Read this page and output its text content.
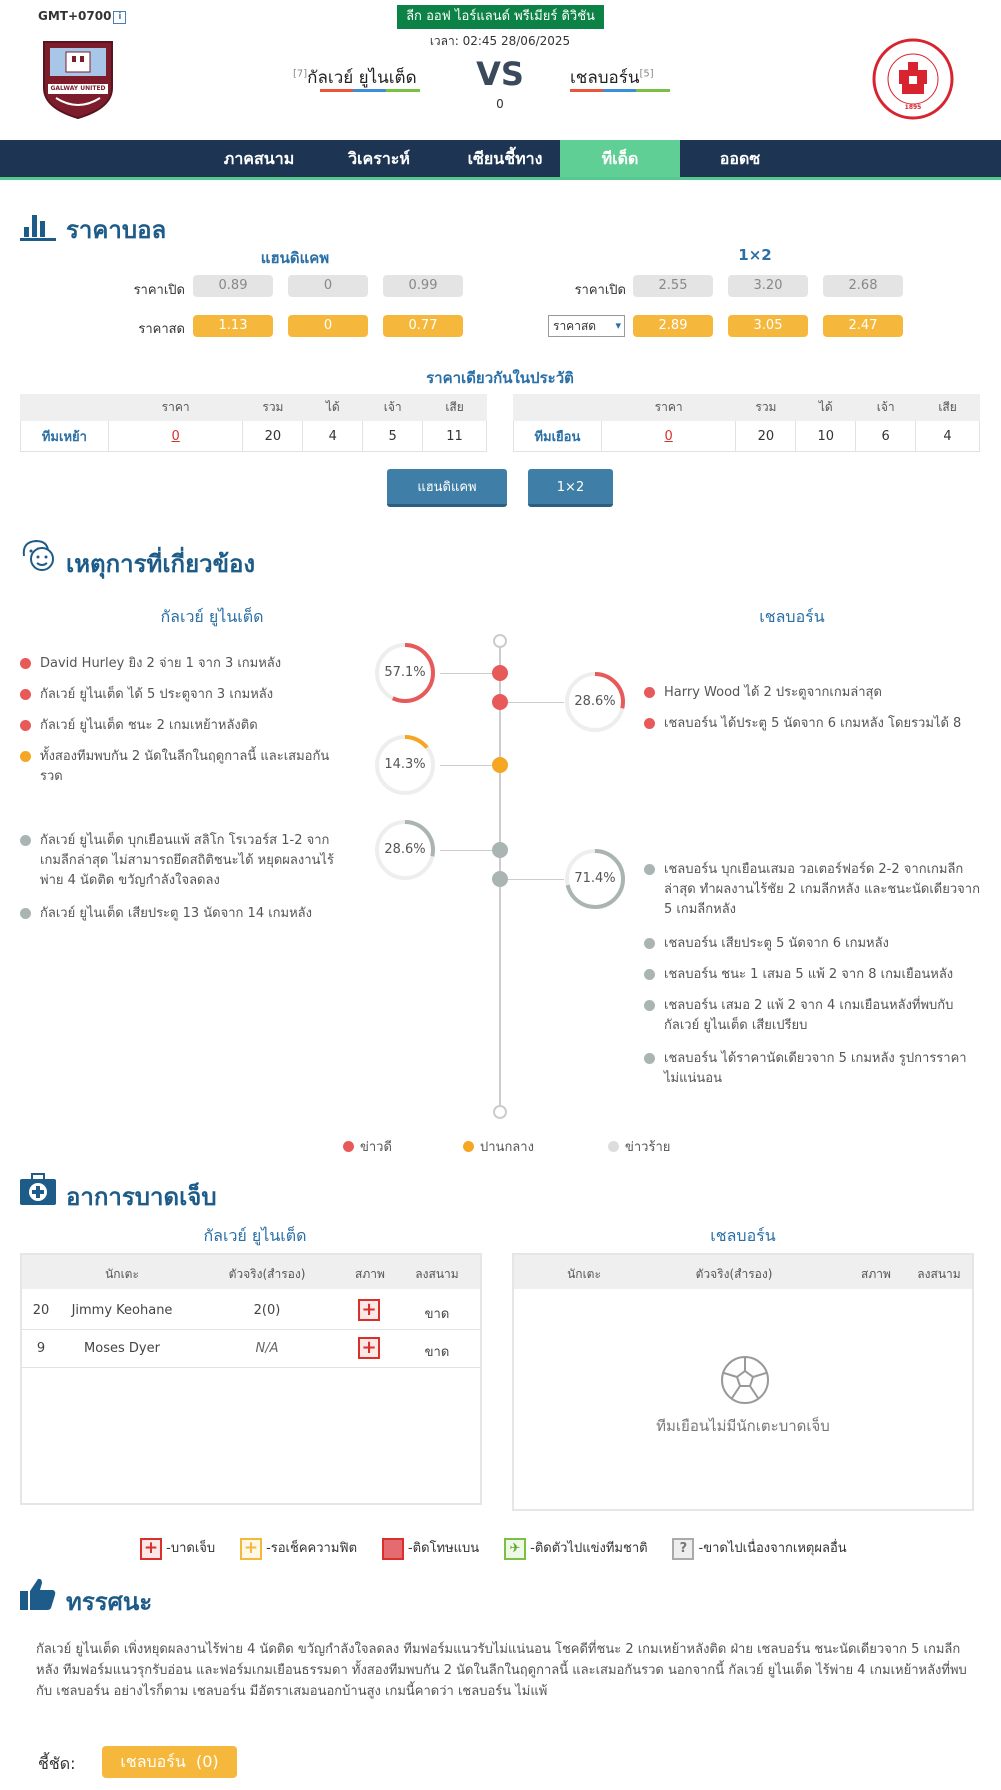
GMT+0700 i	ลีก ออฟ ไอร์แลนด์ พรีเมียร์ ดิวิชัน
เวลา: 02:45 28/06/2025
GALWAY UNITED
[7]กัลเวย์ ยูไนเต็ด VS
0
เชลบอร์น[5]
1895
ภาคสนาม	วิเคราะห์	เซียนชี้ทาง	ทีเด็ด	ออดซ
ราคาบอล
แฮนดิแคพ	1×2
ราคาเปิด	0.89	0	0.99
ราคาสด	1.13	0	0.77
ราคาเปิด	2.55	3.20	2.68
ราคาสด ▾	2.89	3.05	2.47
ราคาเดียวกันในประวัติ
	ราคา	รวม	ได้	เจ้า	เสีย
ทีมเหย้า	0	20	4	5	11
	ราคา	รวม	ได้	เจ้า	เสีย
ทีมเยือน	0	20	10	6	4
แฮนดิแคพ	1×2
เหตุการที่เกี่ยวข้อง
กัลเวย์ ยูไนเต็ด	เชลบอร์น
57.1%
28.6%
14.3%
28.6%
71.4%
David Hurley ยิง 2 จ่าย 1 จาก 3 เกมหลัง
กัลเวย์ ยูไนเต็ด ได้ 5 ประตูจาก 3 เกมหลัง
กัลเวย์ ยูไนเต็ด ชนะ 2 เกมเหย้าหลังติด
ทั้งสองทีมพบกัน 2 นัดในลีกในฤดูกาลนี้ และเสมอกันรวด
กัลเวย์ ยูไนเต็ด บุกเยือนแพ้ สลิโก โรเวอร์ส 1-2 จากเกมลีกล่าสุด ไม่สามารถยึดสถิติชนะได้ หยุดผลงานไร้พ่าย 4 นัดติด ขวัญกำลังใจลดลง
กัลเวย์ ยูไนเต็ด เสียประตู 13 นัดจาก 14 เกมหลัง
Harry Wood ได้ 2 ประตูจากเกมล่าสุด
เชลบอร์น ได้ประตู 5 นัดจาก 6 เกมหลัง โดยรวมได้ 8
เชลบอร์น บุกเยือนเสมอ วอเตอร์ฟอร์ด 2-2 จากเกมลีกล่าสุด ทำผลงานไร้ชัย 2 เกมลีกหลัง และชนะนัดเดียวจาก 5 เกมลีกหลัง
เชลบอร์น เสียประตู 5 นัดจาก 6 เกมหลัง
เชลบอร์น ชนะ 1 เสมอ 5 แพ้ 2 จาก 8 เกมเยือนหลัง
เชลบอร์น เสมอ 2 แพ้ 2 จาก 4 เกมเยือนหลังที่พบกับ กัลเวย์ ยูไนเต็ด เสียเปรียบ
เชลบอร์น ได้ราคานัดเดียวจาก 5 เกมหลัง รูปการราคาไม่แน่นอน
ข่าวดี	ปานกลาง	ข่าวร้าย
อาการบาดเจ็บ
กัลเวย์ ยูไนเต็ด	เชลบอร์น
นักเตะ	ตัวจริง(สำรอง)	สภาพ	ลงสนาม
20	Jimmy Keohane	2(0)	+	ขาด
9	Moses Dyer	N/A	+	ขาด
นักเตะ	ตัวจริง(สำรอง)	สภาพ	ลงสนาม
ทีมเยือนไม่มีนักเตะบาดเจ็บ
+ -บาดเจ็บ + -รอเช็คความฟิต	-ติดโทษแบน ✈ -ติดตัวไปแข่งทีมชาติ ? -ขาดไปเนื่องจากเหตุผลอื่น
ทรรศนะ
กัลเวย์ ยูไนเต็ด เพิ่งหยุดผลงานไร้พ่าย 4 นัดติด ขวัญกำลังใจลดลง ทีมฟอร์มแนวรับไม่แน่นอน โชคดีที่ชนะ 2 เกมเหย้าหลังติด ฝ่าย เชลบอร์น ชนะนัดเดียวจาก 5 เกมลีกหลัง ทีมฟอร์มแนวรุกรับอ่อน และฟอร์มเกมเยือนธรรมดา ทั้งสองทีมพบกัน 2 นัดในลีกในฤดูกาลนี้ และเสมอกันรวด นอกจากนี้ กัลเวย์ ยูไนเต็ด ไร้พ่าย 4 เกมเหย้าหลังที่พบกับ เชลบอร์น อย่างไรก็ตาม เชลบอร์น มีอัตราเสมอนอกบ้านสูง เกมนี้คาดว่า เชลบอร์น ไม่แพ้
ชี้ชัด:	เชลบอร์น  (0)
